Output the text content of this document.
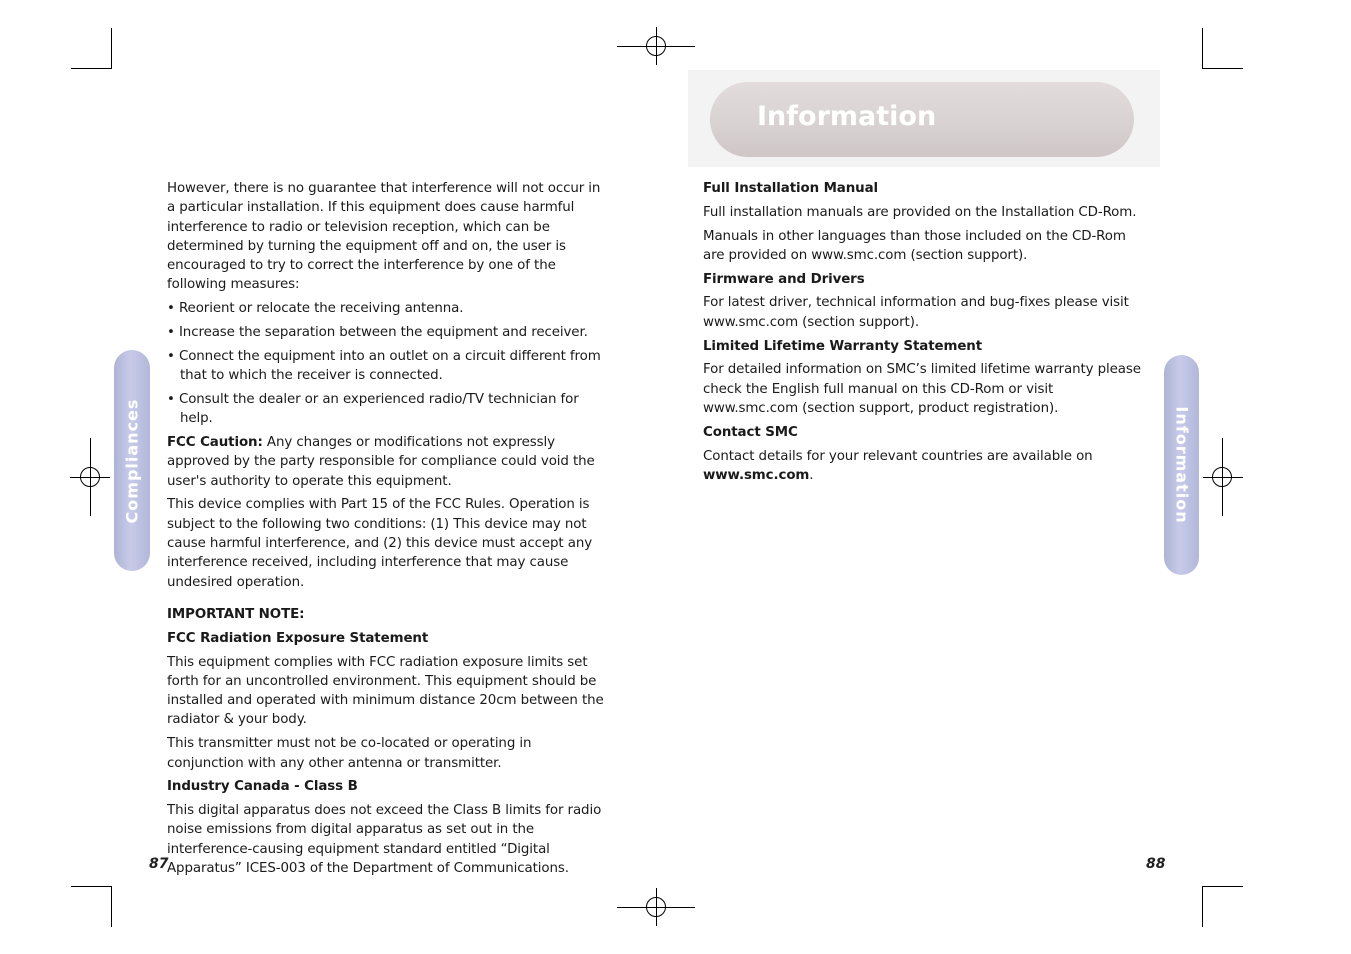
Information
Compliances	Information

However, there is no guarantee that interference will not occur in a particular installation. If this equipment does cause harmful interference to radio or television reception, which can be determined by turning the equipment off and on, the user is encouraged to try to correct the interference by one of the following measures:

• Reorient or relocate the receiving antenna.

• Increase the separation between the equipment and receiver.

• Connect the equipment into an outlet on a circuit different from that to which the receiver is connected.

• Consult the dealer or an experienced radio/TV technician for help.

FCC Caution: Any changes or modifications not expressly approved by the party responsible for compliance could void the user's authority to operate this equipment.

This device complies with Part 15 of the FCC Rules. Operation is subject to the following two conditions: (1) This device may not cause harmful interference, and (2) this device must accept any interference received, including interference that may cause undesired operation.

IMPORTANT NOTE:

FCC Radiation Exposure Statement

This equipment complies with FCC radiation exposure limits set forth for an uncontrolled environment. This equipment should be installed and operated with minimum distance 20cm between the radiator & your body.

This transmitter must not be co-located or operating in conjunction with any other antenna or transmitter.

Industry Canada - Class B

This digital apparatus does not exceed the Class B limits for radio noise emissions from digital apparatus as set out in the interference-causing equipment standard entitled “Digital Apparatus” ICES-003 of the Department of Communications.

Full Installation Manual

Full installation manuals are provided on the Installation CD-Rom.

Manuals in other languages than those included on the CD-Rom are provided on www.smc.com (section support).

Firmware and Drivers

For latest driver, technical information and bug-fixes please visit www.smc.com (section support).

Limited Lifetime Warranty Statement

For detailed information on SMC’s limited lifetime warranty please check the English full manual on this CD-Rom or visit www.smc.com (section support, product registration).

Contact SMC

Contact details for your relevant countries are available on www.smc.com.

87	88
